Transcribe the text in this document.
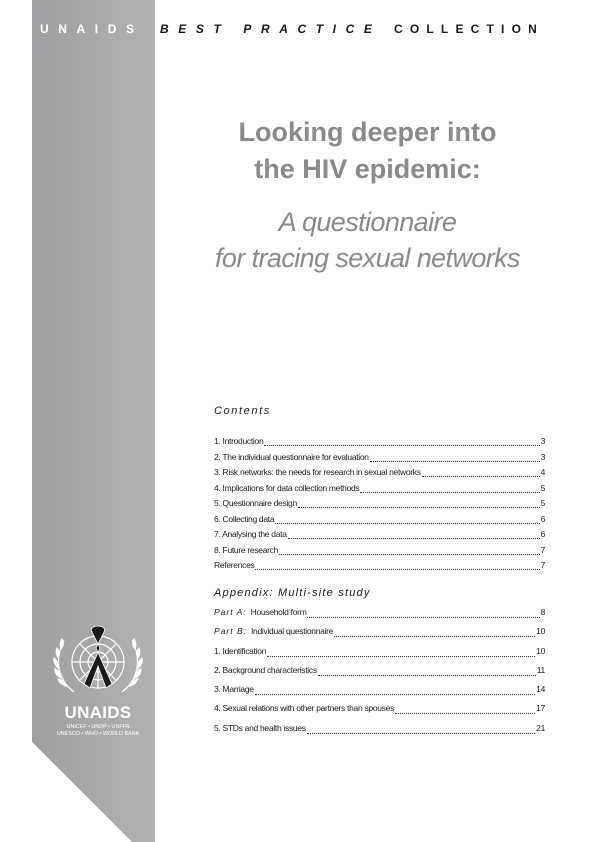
UNAIDS BEST PRACTICE COLLECTION
Looking deeper into
the HIV epidemic:
A questionnaire
for tracing sexual networks
Contents
1. Introduction	3
2. The individual questionnaire for evaluation	3
3. Risk networks: the needs for research in sexual networks	4
4. Implications for data collection methods	5
5. Questionnaire design	5
6. Collecting data	6
7. Analysing the data	6
8. Future research	7
References	7
Appendix: Multi-site study
Part A: Household form	8
Part B: Individual questionnaire	10
1. Identification	10
2. Background characteristics	11
3. Marriage	14
4. Sexual relations with other partners than spouses	17
5. STDs and health issues	21
UNAIDS
UNICEF • UNDP • UNFPA
UNESCO • WHO • WORLD BANK
